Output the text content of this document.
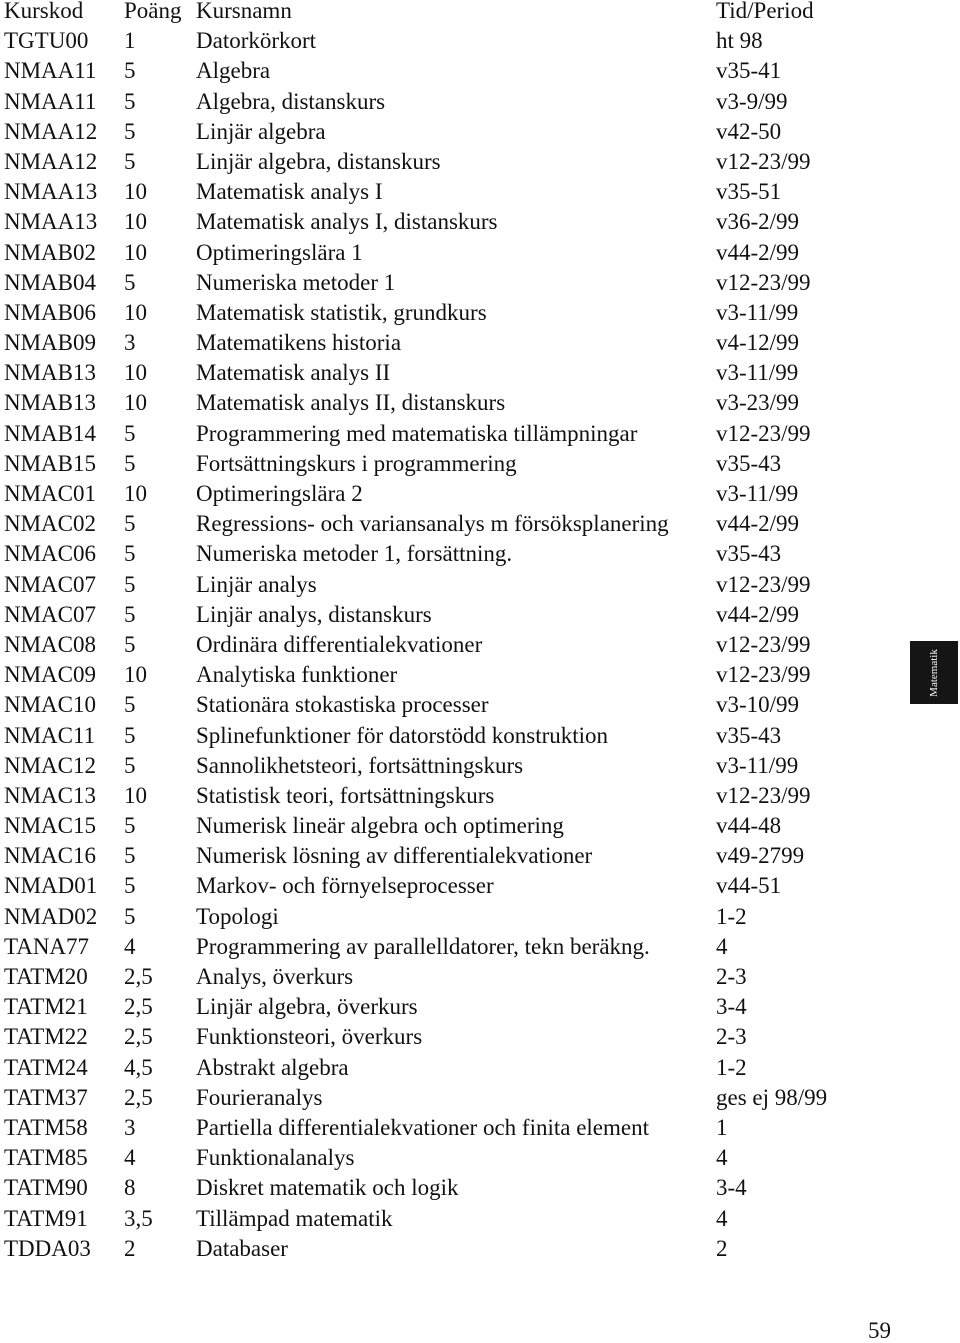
Kurskod Poäng Kursnamn	Tid/Period
TGTU00 1	Datorkörkort	ht 98
NMAA11 5	Algebra	v35-41
NMAA11 5	Algebra, distanskurs	v3-9/99
NMAA12 5	Linjär algebra	v42-50
NMAA12 5	Linjär algebra, distanskurs	v12-23/99
NMAA13 10 Matematisk analys I	v35-51
NMAA13 10 Matematisk analys I, distanskurs	v36-2/99
NMAB02 10 Optimeringslära 1	v44-2/99
NMAB04 5	Numeriska metoder 1	v12-23/99
NMAB06 10 Matematisk statistik, grundkurs	v3-11/99
NMAB09 3	Matematikens historia	v4-12/99
NMAB13 10 Matematisk analys II	v3-11/99
NMAB13 10 Matematisk analys II, distanskurs	v3-23/99
NMAB14 5	Programmering med matematiska tillämpningar	v12-23/99
NMAB15 5	Fortsättningskurs i programmering	v35-43
NMAC01 10 Optimeringslära 2	v3-11/99
NMAC02 5	Regressions- och variansanalys m försöksplanering v44-2/99
NMAC06 5	Numeriska metoder 1, forsättning.	v35-43
NMAC07 5	Linjär analys	v12-23/99
NMAC07 5	Linjär analys, distanskurs	v44-2/99
NMAC08 5	Ordinära differentialekvationer	v12-23/99
NMAC09 10 Analytiska funktioner	v12-23/99
NMAC10 5	Stationära stokastiska processer	v3-10/99
NMAC11 5	Splinefunktioner för datorstödd konstruktion	v35-43
NMAC12 5	Sannolikhetsteori, fortsättningskurs	v3-11/99
NMAC13 10 Statistisk teori, fortsättningskurs	v12-23/99
NMAC15 5	Numerisk lineär algebra och optimering	v44-48
NMAC16 5	Numerisk lösning av differentialekvationer	v49-2799
NMAD01 5	Markov- och förnyelseprocesser	v44-51
NMAD02 5	Topologi	1-2
TANA77 4	Programmering av parallelldatorer, tekn beräkng.	4
TATM20 2,5 Analys, överkurs	2-3
TATM21 2,5 Linjär algebra, överkurs	3-4
TATM22 2,5 Funktionsteori, överkurs	2-3
TATM24 4,5 Abstrakt algebra	1-2
TATM37 2,5 Fourieranalys	ges ej 98/99
TATM58 3	Partiella differentialekvationer och finita element	1
TATM85 4	Funktionalanalys	4
TATM90 8	Diskret matematik och logik	3-4
TATM91 3,5 Tillämpad matematik	4
TDDA03 2	Databaser	2
Matematik
59
